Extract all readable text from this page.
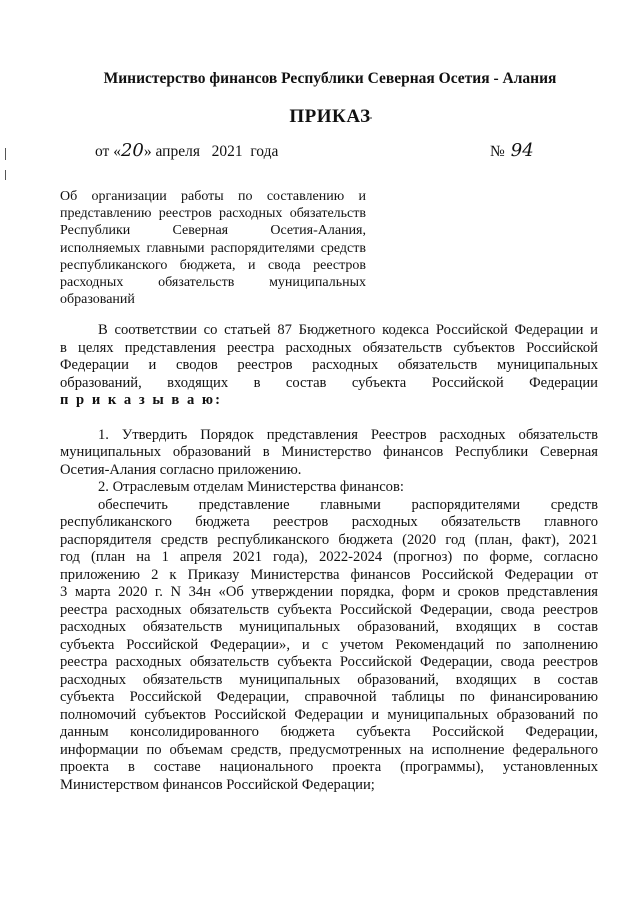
Министерство финансов Республики Северная Осетия - Алания
ПРИКАЗ
от «20» апреля   2021  года	№ 94
Об  организации  работы  по  составлению  и
представлению реестров расходных обязательств
Республики Северная Осетия-Алания,
исполняемых главными распорядителями средств
республиканского бюджета, и свода реестров
расходных обязательств муниципальных
образований
В соответствии со статьей 87 Бюджетного кодекса Российской Федерации и
в целях представления реестра расходных обязательств субъектов Российской
Федерации и сводов реестров расходных обязательств муниципальных
образований, входящих в состав субъекта Российской Федерации
п р и к а з ы в а ю:
1. Утвердить Порядок представления Реестров расходных обязательств
муниципальных образований в Министерство финансов Республики Северная
Осетия-Алания согласно приложению.
2. Отраслевым отделам Министерства финансов:
обеспечить представление главными распорядителями средств
республиканского бюджета реестров расходных обязательств главного
распорядителя средств республиканского бюджета (2020 год (план, факт), 2021
год (план на 1 апреля 2021 года), 2022-2024 (прогноз) по форме, согласно
приложению 2 к Приказу Министерства финансов Российской Федерации от
3 марта 2020 г. N 34н «Об утверждении порядка, форм и сроков представления
реестра расходных обязательств субъекта Российской Федерации, свода реестров
расходных обязательств муниципальных образований, входящих в состав
субъекта Российской Федерации», и с учетом Рекомендаций по заполнению
реестра расходных обязательств субъекта Российской Федерации, свода реестров
расходных обязательств муниципальных образований, входящих в состав
субъекта Российской Федерации, справочной таблицы по финансированию
полномочий субъектов Российской Федерации и муниципальных образований по
данным консолидированного бюджета субъекта Российской Федерации,
информации по объемам средств, предусмотренных на исполнение федерального
проекта в составе национального проекта (программы), установленных
Министерством финансов Российской Федерации;
